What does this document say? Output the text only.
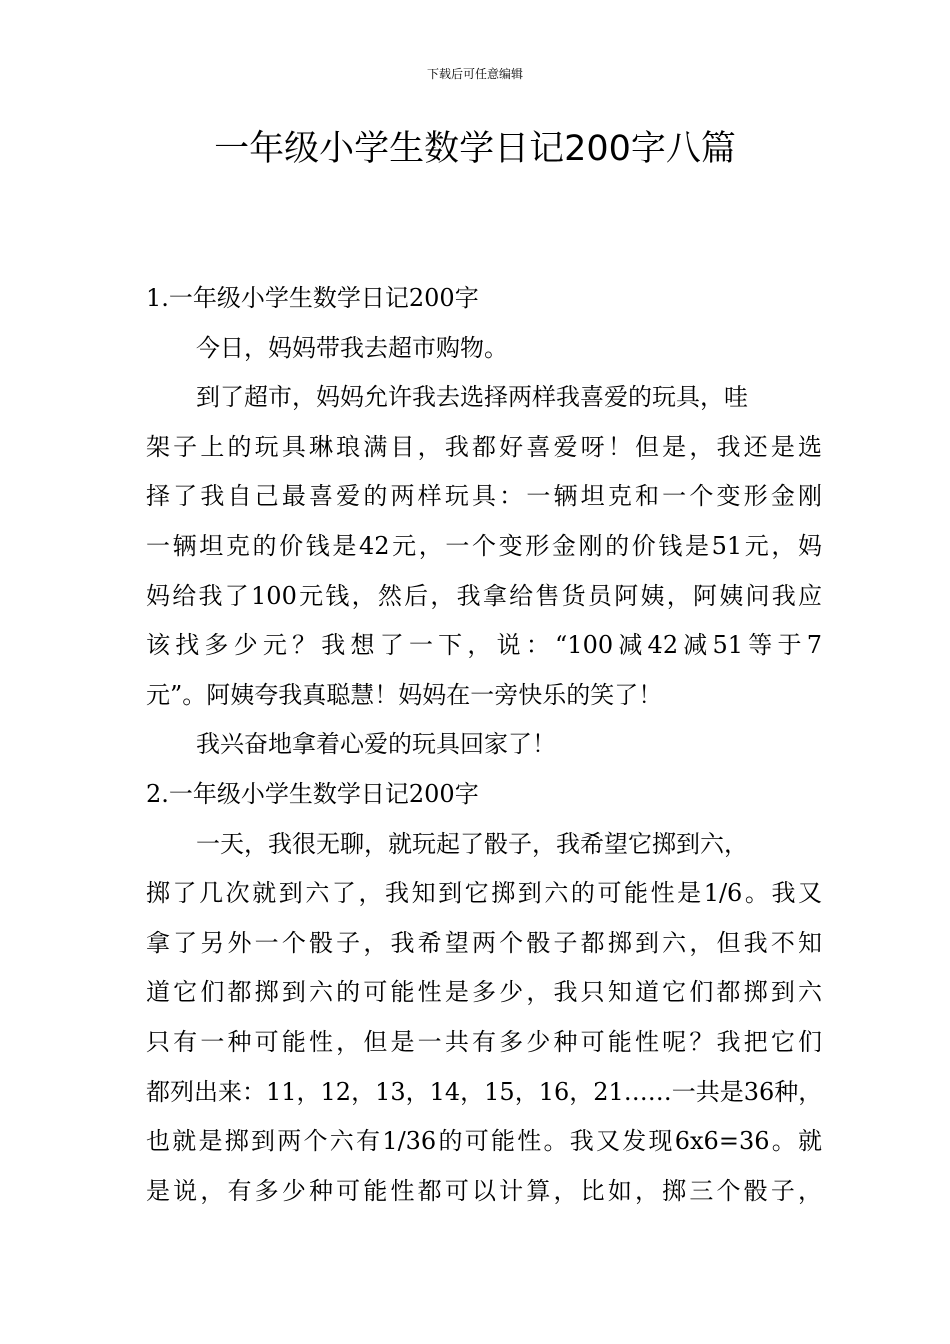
下载后可任意编辑
一年级小学生数学日记200字八篇
1.一年级小学生数学日记200字
今日，妈妈带我去超市购物。
到了超市，妈妈允许我去选择两样我喜爱的玩具，哇
架子上的玩具琳琅满目，我都好喜爱呀！但是，我还是选
择了我自己最喜爱的两样玩具：一辆坦克和一个变形金刚
一辆坦克的价钱是42元，一个变形金刚的价钱是51元，妈
妈给我了100元钱，然后，我拿给售货员阿姨，阿姨问我应
该找多少元？我想了一下，说：“100减42减51等于7
元”。阿姨夸我真聪慧！妈妈在一旁快乐的笑了！
我兴奋地拿着心爱的玩具回家了！
2.一年级小学生数学日记200字
一天，我很无聊，就玩起了骰子，我希望它掷到六，
掷了几次就到六了，我知到它掷到六的可能性是1/6。我又
拿了另外一个骰子，我希望两个骰子都掷到六，但我不知
道它们都掷到六的可能性是多少，我只知道它们都掷到六
只有一种可能性，但是一共有多少种可能性呢？我把它们
都列出来：11，12，13，14，15，16，21……一共是36种，
也就是掷到两个六有1/36的可能性。我又发现6x6=36。就
是说，有多少种可能性都可以计算，比如，掷三个骰子，
